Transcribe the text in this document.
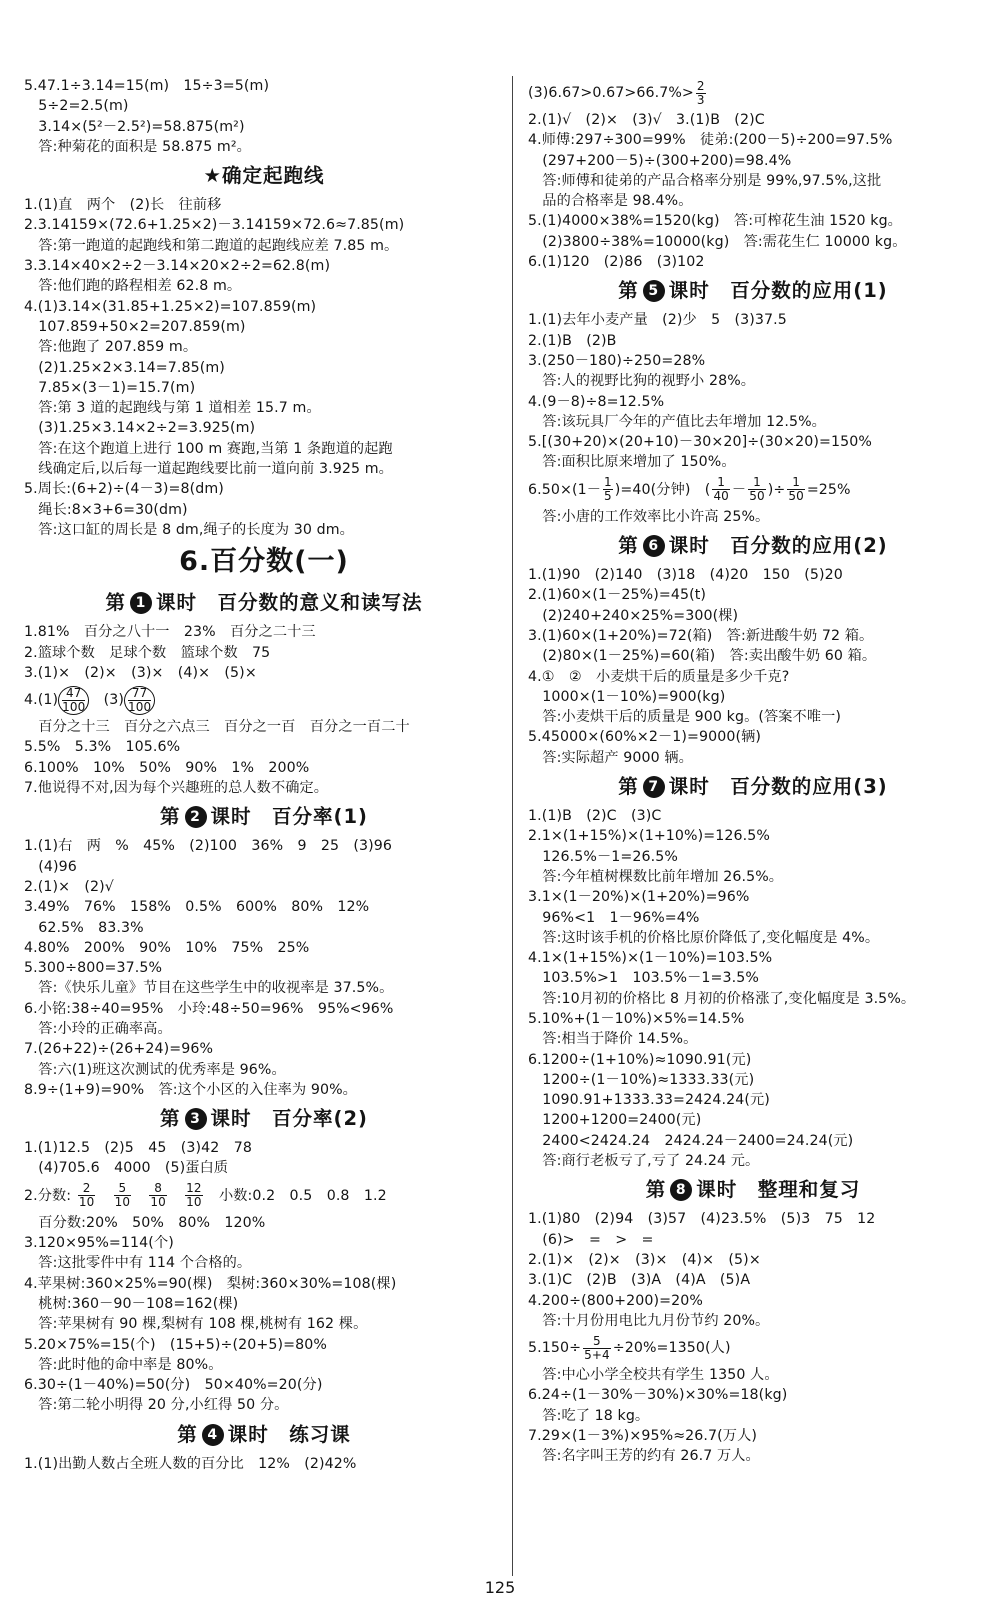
5.47.1÷3.14=15(m)　15÷3=5(m)
　5÷2=2.5(m)
　3.14×(5²－2.5²)=58.875(m²)
　答:种菊花的面积是 58.875 m²。
★确定起跑线
1.(1)直　两个　(2)长　往前移
2.3.14159×(72.6+1.25×2)－3.14159×72.6≈7.85(m)
　答:第一跑道的起跑线和第二跑道的起跑线应差 7.85 m。
3.3.14×40×2÷2－3.14×20×2÷2=62.8(m)
　答:他们跑的路程相差 62.8 m。
4.(1)3.14×(31.85+1.25×2)=107.859(m)
　107.859+50×2=207.859(m)
　答:他跑了 207.859 m。
　(2)1.25×2×3.14=7.85(m)
　7.85×(3－1)=15.7(m)
　答:第 3 道的起跑线与第 1 道相差 15.7 m。
　(3)1.25×3.14×2÷2=3.925(m)
　答:在这个跑道上进行 100 m 赛跑,当第 1 条跑道的起跑
　线确定后,以后每一道起跑线要比前一道向前 3.925 m。
5.周长:(6+2)÷(4－3)=8(dm)
　绳长:8×3+6=30(dm)
　答:这口缸的周长是 8 dm,绳子的长度为 30 dm。
6.百分数(一)
第 1 课时　百分数的意义和读写法
1.81%　百分之八十一　23%　百分之二十三
2.篮球个数　足球个数　篮球个数　75
3.(1)×　(2)×　(3)×　(4)×　(5)×
$4.(1) \frac{47}{100}$ 　$(3) \frac{77}{100}$
　百分之十三　百分之六点三　百分之一百　百分之一百二十
5.5%　5.3%　105.6%
6.100%　10%　50%　90%　1%　200%
7.他说得不对,因为每个兴趣班的总人数不确定。
第 2 课时　百分率(1)
1.(1)右　两　%　45%　(2)100　36%　9　25　(3)96
　(4)96
2.(1)×　(2)√
3.49%　76%　158%　0.5%　600%　80%　12%
　62.5%　83.3%
4.80%　200%　90%　10%　75%　25%
5.300÷800=37.5%
　答:《快乐儿童》节目在这些学生中的收视率是 37.5%。
6.小铭:38÷40=95%　小玲:48÷50=96%　95%<96%
　答:小玲的正确率高。
7.(26+22)÷(26+24)=96%
　答:六(1)班这次测试的优秀率是 96%。
8.9÷(1+9)=90%　答:这个小区的入住率为 90%。
第 3 课时　百分率(2)
1.(1)12.5　(2)5　45　(3)42　78
　(4)705.6　4000　(5)蛋白质
2.分数: $\frac{2}{10}$
　 $\frac{5}{10}$
　 $\frac{8}{10}$
　 $\frac{12}{10}$ 　小数:0.2　0.5　0.8　1.2
　百分数:20%　50%　80%　120%
3.120×95%=114(个)
　答:这批零件中有 114 个合格的。
4.苹果树:360×25%=90(棵)　梨树:360×30%=108(棵)
　桃树:360－90－108=162(棵)
　答:苹果树有 90 棵,梨树有 108 棵,桃树有 162 棵。
5.20×75%=15(个)　(15+5)÷(20+5)=80%
　答:此时他的命中率是 80%。
6.30÷(1－40%)=50(分)　50×40%=20(分)
　答:第二轮小明得 20 分,小红得 50 分。
第 4 课时　练习课
1.(1)出勤人数占全班人数的百分比　12%　(2)42%
$(3)6.67>0.67>66.7\%> \frac{2}{3}$
2.(1)√　(2)×　(3)√　3.(1)B　(2)C
4.师傅:297÷300=99%　徒弟:(200－5)÷200=97.5%
　(297+200－5)÷(300+200)=98.4%
　答:师傅和徒弟的产品合格率分别是 99%,97.5%,这批
　品的合格率是 98.4%。
5.(1)4000×38%=1520(kg)　答:可榨花生油 1520 kg。
　(2)3800÷38%=10000(kg)　答:需花生仁 10000 kg。
6.(1)120　(2)86　(3)102
第 5 课时　百分数的应用(1)
1.(1)去年小麦产量　(2)少　5　(3)37.5
2.(1)B　(2)B
3.(250－180)÷250=28%
　答:人的视野比狗的视野小 28%。
4.(9－8)÷8=12.5%
　答:该玩具厂今年的产值比去年增加 12.5%。
5.[(30+20)×(20+10)－30×20]÷(30×20)=150%
　答:面积比原来增加了 150%。
$6.50\times(1- \frac{1}{5} )=40$(分钟)　( $\frac{1}{40} - \frac{1}{50}$ )÷ $\frac{1}{50} =25\%$
　答:小唐的工作效率比小许高 25%。
第 6 课时　百分数的应用(2)
1.(1)90　(2)140　(3)18　(4)20　150　(5)20
2.(1)60×(1－25%)=45(t)
　(2)240+240×25%=300(棵)
3.(1)60×(1+20%)=72(箱)　答:新进酸牛奶 72 箱。
　(2)80×(1－25%)=60(箱)　答:卖出酸牛奶 60 箱。
4.①　②　小麦烘干后的质量是多少千克?
　1000×(1－10%)=900(kg)
　答:小麦烘干后的质量是 900 kg。(答案不唯一)
5.45000×(60%×2－1)=9000(辆)
　答:实际超产 9000 辆。
第 7 课时　百分数的应用(3)
1.(1)B　(2)C　(3)C
2.1×(1+15%)×(1+10%)=126.5%
　126.5%－1=26.5%
　答:今年植树棵数比前年增加 26.5%。
3.1×(1－20%)×(1+20%)=96%
　96%<1　1－96%=4%
　答:这时该手机的价格比原价降低了,变化幅度是 4%。
4.1×(1+15%)×(1－10%)=103.5%
　103.5%>1　103.5%－1=3.5%
　答:10月初的价格比 8 月初的价格涨了,变化幅度是 3.5%。
5.10%+(1－10%)×5%=14.5%
　答:相当于降价 14.5%。
6.1200÷(1+10%)≈1090.91(元)
　1200÷(1－10%)≈1333.33(元)
　1090.91+1333.33=2424.24(元)
　1200+1200=2400(元)
　2400<2424.24　2424.24－2400=24.24(元)
　答:商行老板亏了,亏了 24.24 元。
第 8 课时　整理和复习
1.(1)80　(2)94　(3)57　(4)23.5%　(5)3　75　12
　(6)>　=　>　=
2.(1)×　(2)×　(3)×　(4)×　(5)×
3.(1)C　(2)B　(3)A　(4)A　(5)A
4.200÷(800+200)=20%
　答:十月份用电比九月份节约 20%。
$5.150\div \frac{5}{5+4} \div 20\%=1350$(人)
　答:中心小学全校共有学生 1350 人。
6.24÷(1－30%－30%)×30%=18(kg)
　答:吃了 18 kg。
7.29×(1－3%)×95%≈26.7(万人)
　答:名字叫王芳的约有 26.7 万人。
125
